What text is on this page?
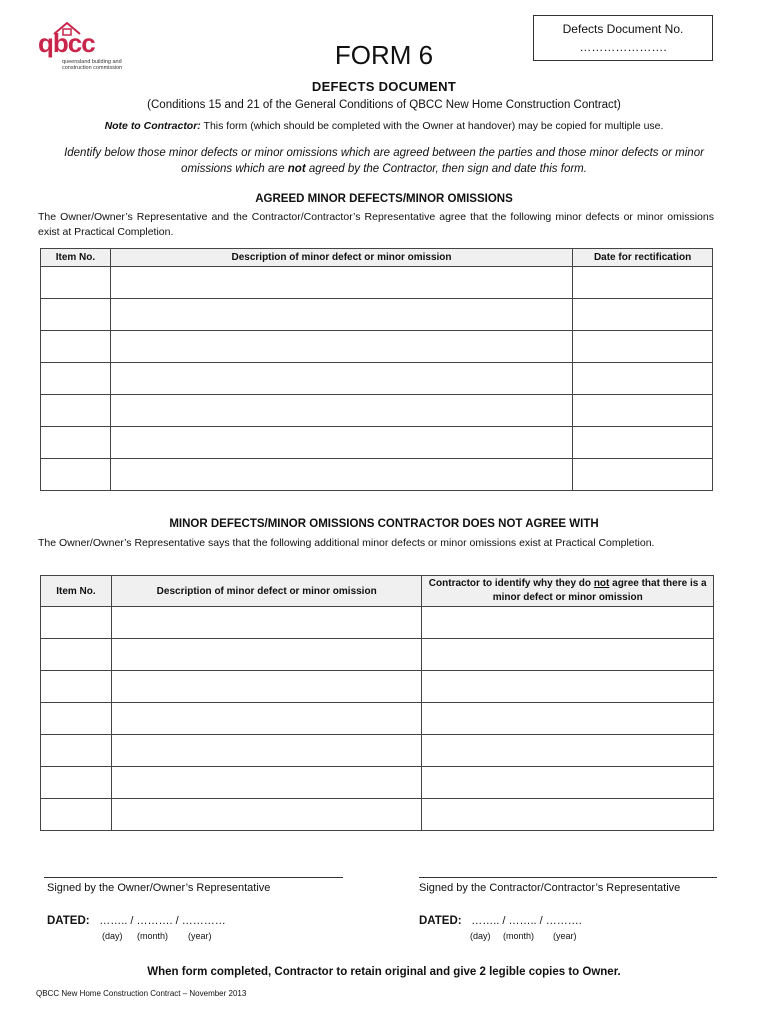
qbcc
queensland building and construction commission
Defects Document No.
………………….
FORM 6
DEFECTS DOCUMENT
(Conditions 15 and 21 of the General Conditions of QBCC New Home Construction Contract)
Note to Contractor: This form (which should be completed with the Owner at handover) may be copied for multiple use.
Identify below those minor defects or minor omissions which are agreed between the parties and those minor defects or minor omissions which are not agreed by the Contractor, then sign and date this form.
AGREED MINOR DEFECTS/MINOR OMISSIONS
The Owner/Owner’s Representative and the Contractor/Contractor’s Representative agree that the following minor defects or minor omissions exist at Practical Completion.
Item No.	Description of minor defect or minor omission	Date for rectification

MINOR DEFECTS/MINOR OMISSIONS CONTRACTOR DOES NOT AGREE WITH
The Owner/Owner’s Representative says that the following additional minor defects or minor omissions exist at Practical Completion.
Item No.	Description of minor defect or minor omission	Contractor to identify why they do not agree that there is a minor defect or minor omission

Signed by the Owner/Owner’s Representative	Signed by the Contractor/Contractor’s Representative
DATED: …….. / ………. / …………
(day) (month) (year)
DATED: …….. / …….. / ……….
(day) (month) (year)
When form completed, Contractor to retain original and give 2 legible copies to Owner.
QBCC New Home Construction Contract – November 2013
